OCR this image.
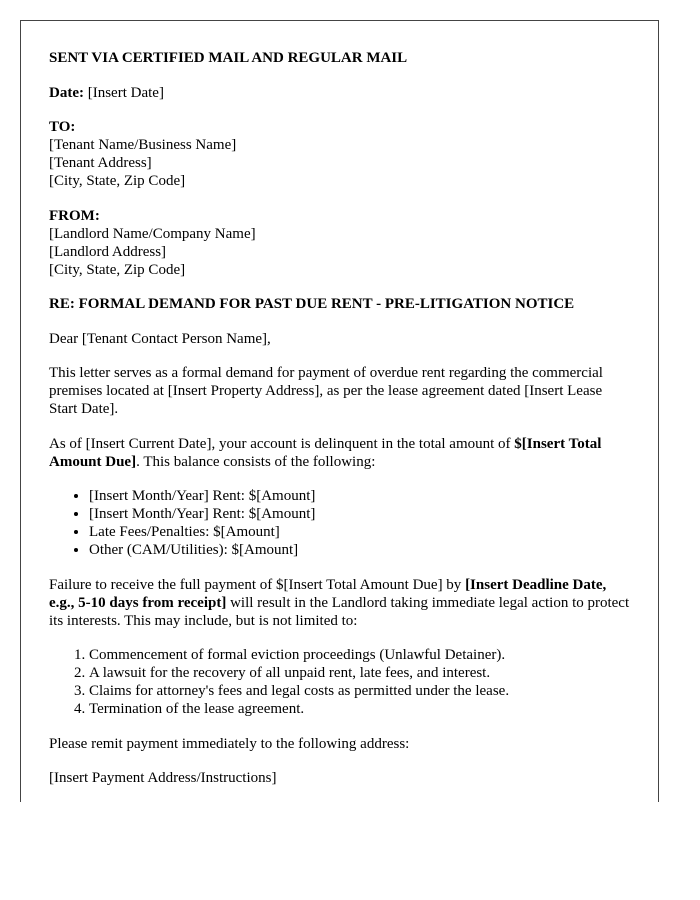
SENT VIA CERTIFIED MAIL AND REGULAR MAIL

Date: [Insert Date]

TO:
[Tenant Name/Business Name]
[Tenant Address]
[City, State, Zip Code]

FROM:
[Landlord Name/Company Name]
[Landlord Address]
[City, State, Zip Code]

RE: FORMAL DEMAND FOR PAST DUE RENT - PRE-LITIGATION NOTICE

Dear [Tenant Contact Person Name],

This letter serves as a formal demand for payment of overdue rent regarding the commercial premises located at [Insert Property Address], as per the lease agreement dated [Insert Lease Start Date].

As of [Insert Current Date], your account is delinquent in the total amount of $[Insert Total Amount Due]. This balance consists of the following:

• [Insert Month/Year] Rent: $[Amount]
• [Insert Month/Year] Rent: $[Amount]
• Late Fees/Penalties: $[Amount]
• Other (CAM/Utilities): $[Amount]

Failure to receive the full payment of $[Insert Total Amount Due] by [Insert Deadline Date, e.g., 5-10 days from receipt] will result in the Landlord taking immediate legal action to protect its interests. This may include, but is not limited to:

1. Commencement of formal eviction proceedings (Unlawful Detainer).
2. A lawsuit for the recovery of all unpaid rent, late fees, and interest.
3. Claims for attorney's fees and legal costs as permitted under the lease.
4. Termination of the lease agreement.

Please remit payment immediately to the following address:

[Insert Payment Address/Instructions]
